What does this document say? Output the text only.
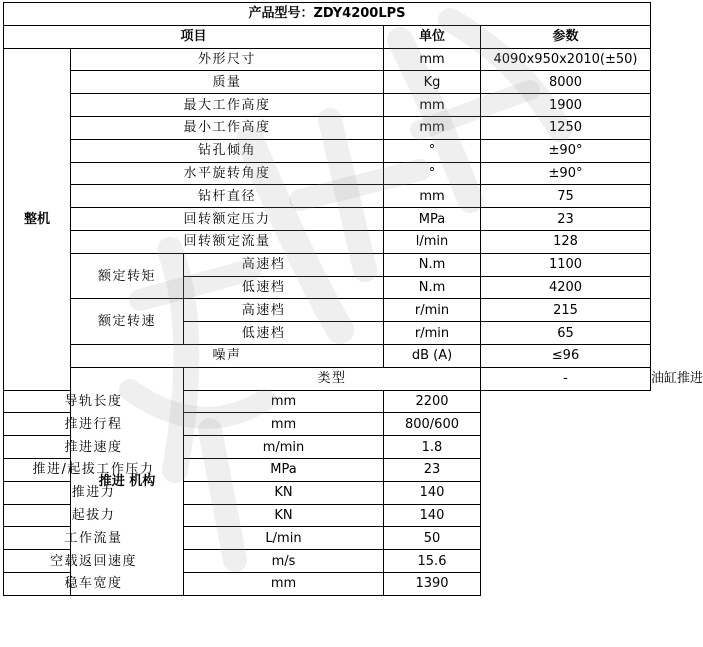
产品型号：ZDY4200LPS					
项目			单位	参数	
整机	外形尺寸		mm	4090x950x2010(±50)	
	质量		Kg	8000	
	最大工作高度		mm	1900	
	最小工作高度		mm	1250	
	钻孔倾角		°	±90°	
	水平旋转角度		°	±90°	
	钻杆直径		mm	75	
	回转额定压力		MPa	23	
	回转额定流量		l/min	128	
	额定转矩	高速档	N.m	1100	
		低速档	N.m	4200	
	额定转速	高速档	r/min	215	
		低速档	r/min	65	
	噪声		dB (A)	≤96	
	推进 机构	类型		-	油缸推进
导轨长度		mm	2200		
推进行程		mm	800/600		
推进速度		m/min	1.8		
推进/起拔工作压力		MPa	23		
推进力		KN	140		
起拔力		KN	140		
工作流量		L/min	50		
空载返回速度		m/s	15.6		
稳车宽度		mm	1390		
